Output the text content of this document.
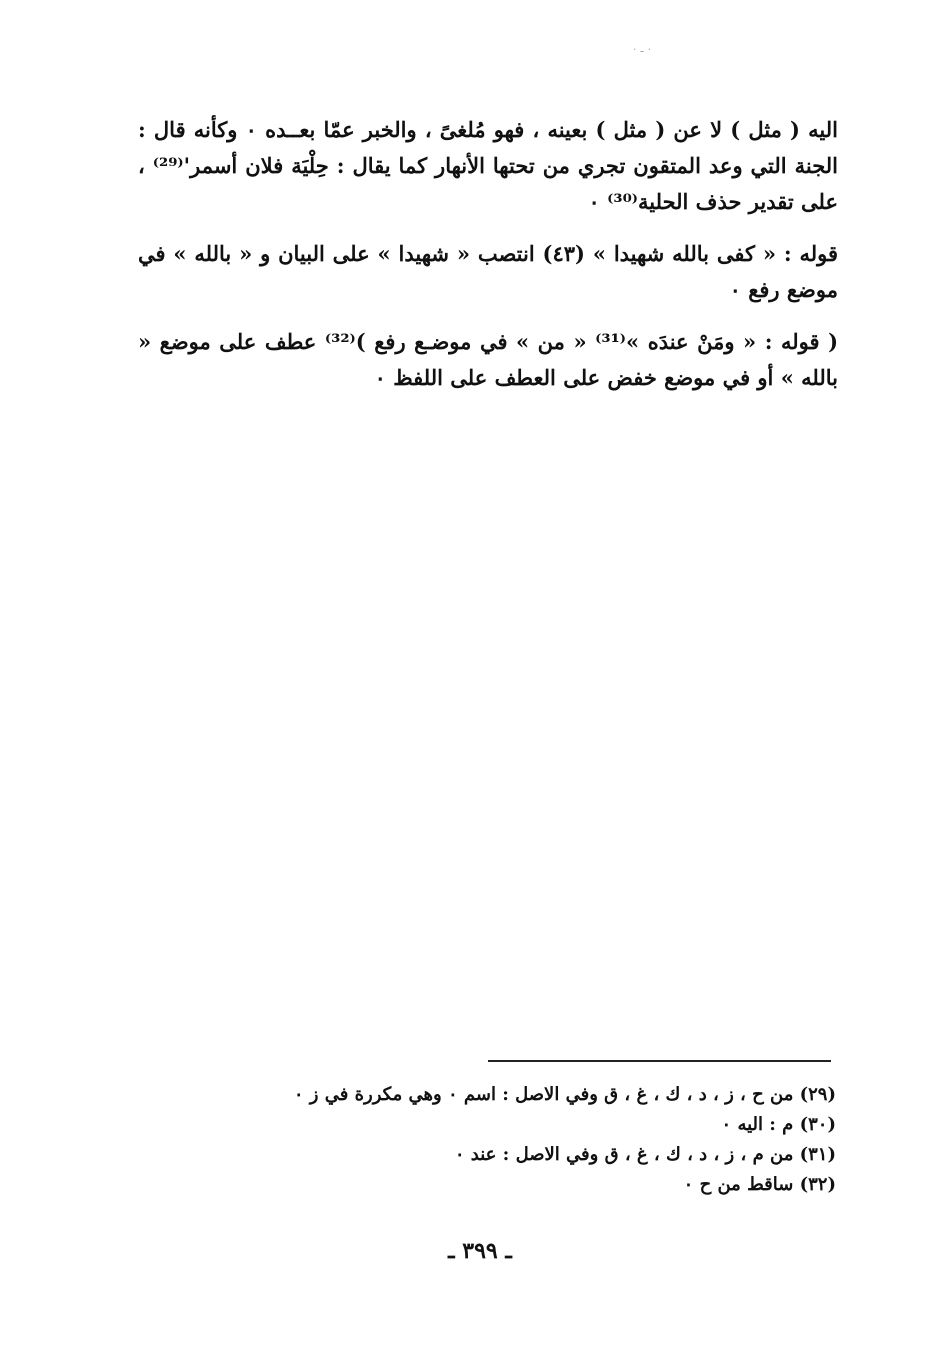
٠ ـ ٠

اليه ( مثل ) لا عن ( مثل ) بعينه ، فهو مُلغىً ، والخبر عمّا بعــده ٠ وكأنه قال : الجنة التي وعد المتقون تجري من تحتها الأنهار كما يقال : حِلْيَة فلان أسمر'⁽²⁹⁾ ، على تقدير حذف الحلية⁽³⁰⁾ ٠

قوله : « كفى بالله شهيدا » (٤٣) انتصب « شهيدا » على البيان و « بالله » في موضع رفع ٠

( قوله : « ومَنْ عندَه »⁽³¹⁾ « من » في موضـع رفع )⁽³²⁾ عطف على موضع « بالله » أو في موضع خفض على العطف على اللفظ ٠

(٢٩) من ح ، ز ، د ، ك ، غ ، ق وفي الاصل : اسم ٠ وهي مكررة في ز ٠

(٣٠) م : اليه ٠

(٣١) من م ، ز ، د ، ك ، غ ، ق وفي الاصل : عند ٠

(٣٢) ساقط من ح ٠

ـ ٣٩٩ ـ
